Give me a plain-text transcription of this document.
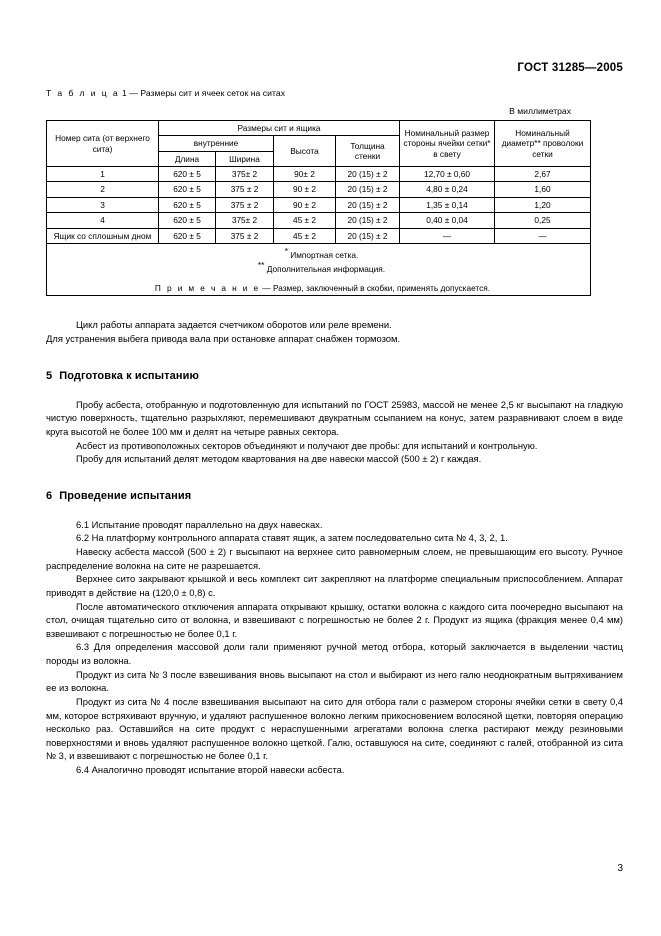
ГОСТ 31285—2005
Т а б л и ц а 1 — Размеры сит и ячеек сеток на ситах
В миллиметрах
Номер сита (от верхнего сита)	Размеры сит и ящика				Номинальный размер стороны ячейки сетки* в свету	Номинальный диаметр** проволоки сетки
	внутренние		Высота	Толщина стенки		
	Длина	Ширина				
1	620 ± 5	375± 2	90± 2	20 (15) ± 2	12,70 ± 0,60	2,67
2	620 ± 5	375 ± 2	90 ± 2	20 (15) ± 2	4,80 ± 0,24	1,60
3	620 ± 5	375 ± 2	90 ± 2	20 (15) ± 2	1,35 ± 0,14	1,20
4	620 ± 5	375± 2	45 ± 2	20 (15) ± 2	0,40 ± 0,04	0,25
Ящик со сплошным дном	620 ± 5	375 ± 2	45 ± 2	20 (15) ± 2	—	—

* Импортная сетка.
** Дополнительная информация.
П р и м е ч а н и е — Размер, заключенный в скобки, применять допускается.						

Цикл работы аппарата задается счетчиком оборотов или реле времени.

Для устранения выбега привода вала при остановке аппарат снабжен тормозом.

5 Подготовка к испытанию

Пробу асбеста, отобранную и подготовленную для испытаний по ГОСТ 25983, массой не менее 2,5 кг высыпают на гладкую чистую поверхность, тщательно разрыхляют, перемешивают двукратным ссыпанием на конус, затем разравнивают слоем в виде круга высотой не более 100 мм и делят на четыре равных сектора.

Асбест из противоположных секторов объединяют и получают две пробы: для испытаний и контрольную.

Пробу для испытаний делят методом квартования на две навески массой (500 ± 2) г каждая.

6 Проведение испытания

6.1 Испытание проводят параллельно на двух навесках.

6.2 На платформу контрольного аппарата ставят ящик, а затем последовательно сита № 4, 3, 2, 1.

Навеску асбеста массой (500 ± 2) г высыпают на верхнее сито равномерным слоем, не превышающим его высоту. Ручное распределение волокна на сите не разрешается.

Верхнее сито закрывают крышкой и весь комплект сит закрепляют на платформе специальным приспособлением. Аппарат приводят в действие на (120,0 ± 0,8) с.

После автоматического отключения аппарата открывают крышку, остатки волокна с каждого сита поочередно высыпают на стол, очищая тщательно сито от волокна, и взвешивают с погрешностью не более 2 г. Продукт из ящика (фракция менее 0,4 мм) взвешивают с погрешностью не более 0,1 г.

6.3 Для определения массовой доли гали применяют ручной метод отбора, который заключается в выделении частиц породы из волокна.

Продукт из сита № 3 после взвешивания вновь высыпают на стол и выбирают из него галю неоднократным вытряхиванием ее из волокна.

Продукт из сита № 4 после взвешивания высыпают на сито для отбора гали с размером стороны ячейки сетки в свету 0,4 мм, которое встряхивают вручную, и удаляют распушенное волокно легким прикосновением волосяной щетки, повторяя операцию несколько раз. Оставшийся на сите продукт с нераспушенными агрегатами волокна слегка растирают между резиновыми поверхностями и вновь удаляют распушенное волокно щеткой. Галю, оставшуюся на сите, соединяют с галей, отобранной из сита № 3, и взвешивают с погрешностью не более 0,1 г.

6.4 Аналогично проводят испытание второй навески асбеста.

3
